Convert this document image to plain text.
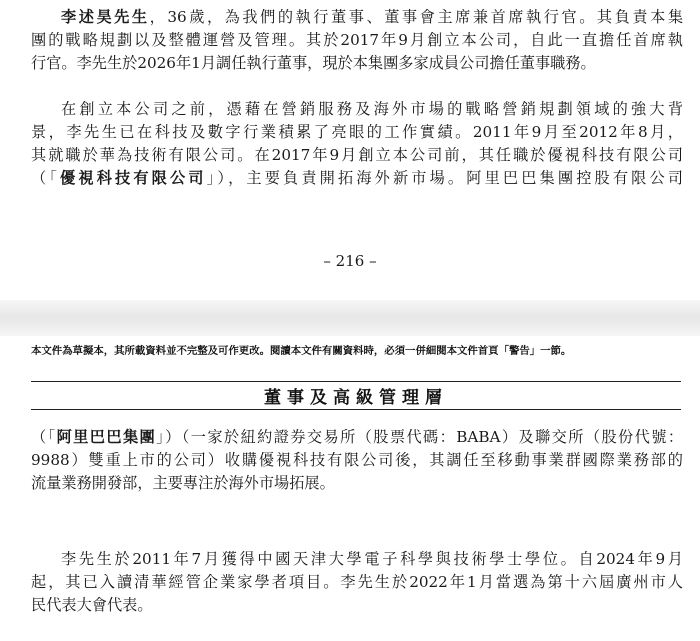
李述昊先生，36歲，為我們的執行董事、董事會主席兼首席執行官。其負責本集
團的戰略規劃以及整體運營及管理。其於2017年9月創立本公司，自此一直擔任首席執
行官。李先生於2026年1月調任執行董事，現於本集團多家成員公司擔任董事職務。
在創立本公司之前，憑藉在營銷服務及海外市場的戰略營銷規劃領域的強大背
景，李先生已在科技及數字行業積累了亮眼的工作實績。2011年9月至2012年8月，
其就職於華為技術有限公司。在2017年9月創立本公司前，其任職於優視科技有限公司
（「優視科技有限公司」），主要負責開拓海外新市場。阿里巴巴集團控股有限公司
– 216 –
本文件為草擬本，其所載資料並不完整及可作更改。閱讀本文件有關資料時，必須一併細閱本文件首頁「警告」一節。
董事及高級管理層
（「阿里巴巴集團」）（一家於紐約證券交易所（股票代碼：BABA）及聯交所（股份代號：
9988）雙重上市的公司）收購優視科技有限公司後，其調任至移動事業群國際業務部的
流量業務開發部，主要專注於海外市場拓展。
李先生於2011年7月獲得中國天津大學電子科學與技術學士學位。自2024年9月
起，其已入讀清華經管企業家學者項目。李先生於2022年1月當選為第十六屆廣州市人
民代表大會代表。
